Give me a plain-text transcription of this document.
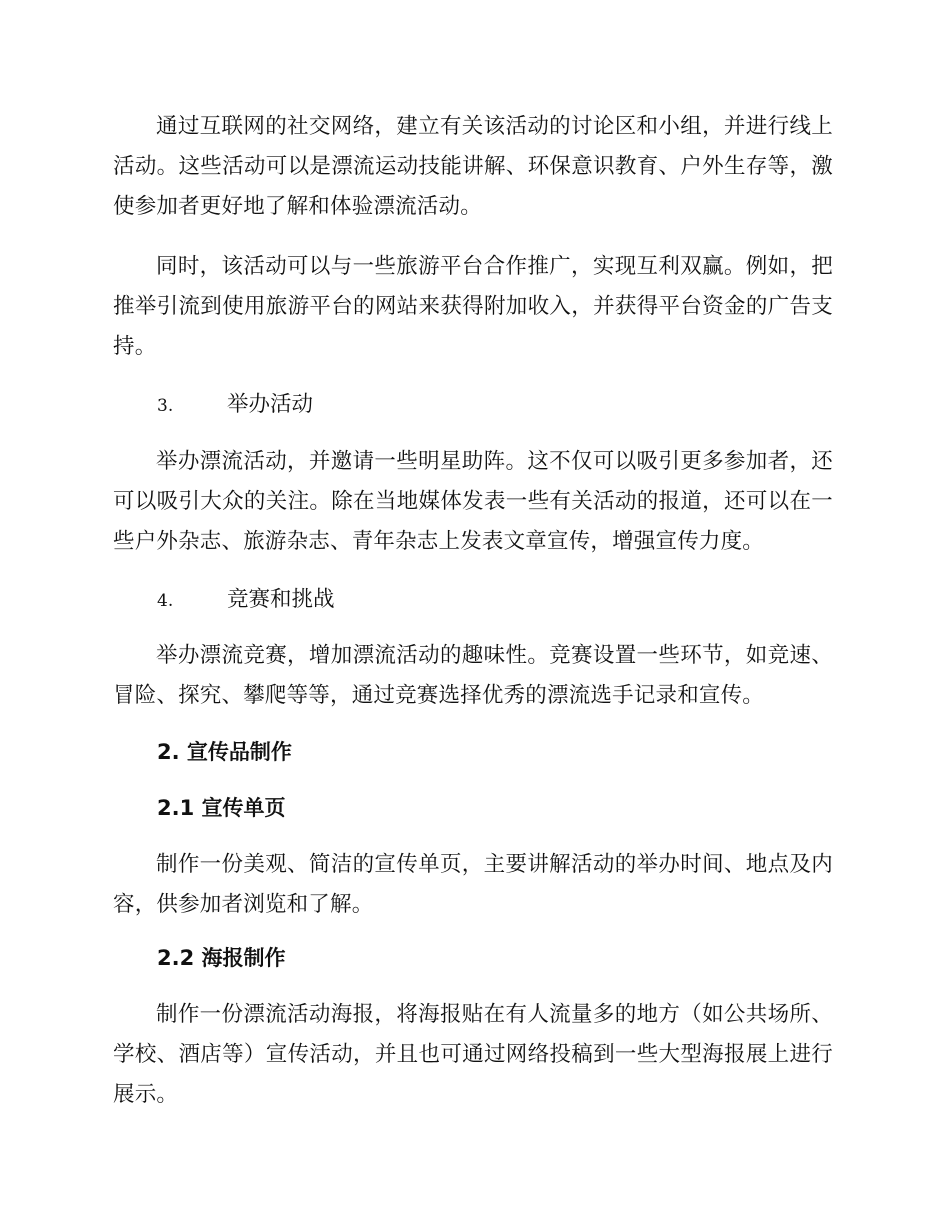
通过互联网的社交网络，建立有关该活动的讨论区和小组，并进行线上活动。这些活动可以是漂流运动技能讲解、环保意识教育、户外生存等，激使参加者更好地了解和体验漂流活动。

同时，该活动可以与一些旅游平台合作推广，实现互利双赢。例如，把推举引流到使用旅游平台的网站来获得附加收入，并获得平台资金的广告支持。

3.	举办活动

举办漂流活动，并邀请一些明星助阵。这不仅可以吸引更多参加者，还可以吸引大众的关注。除在当地媒体发表一些有关活动的报道，还可以在一些户外杂志、旅游杂志、青年杂志上发表文章宣传，增强宣传力度。

4.	竞赛和挑战

举办漂流竞赛，增加漂流活动的趣味性。竞赛设置一些环节，如竞速、冒险、探究、攀爬等等，通过竞赛选择优秀的漂流选手记录和宣传。

2. 宣传品制作
2.1 宣传单页

制作一份美观、简洁的宣传单页，主要讲解活动的举办时间、地点及内容，供参加者浏览和了解。

2.2 海报制作

制作一份漂流活动海报，将海报贴在有人流量多的地方（如公共场所、学校、酒店等）宣传活动，并且也可通过网络投稿到一些大型海报展上进行展示。
